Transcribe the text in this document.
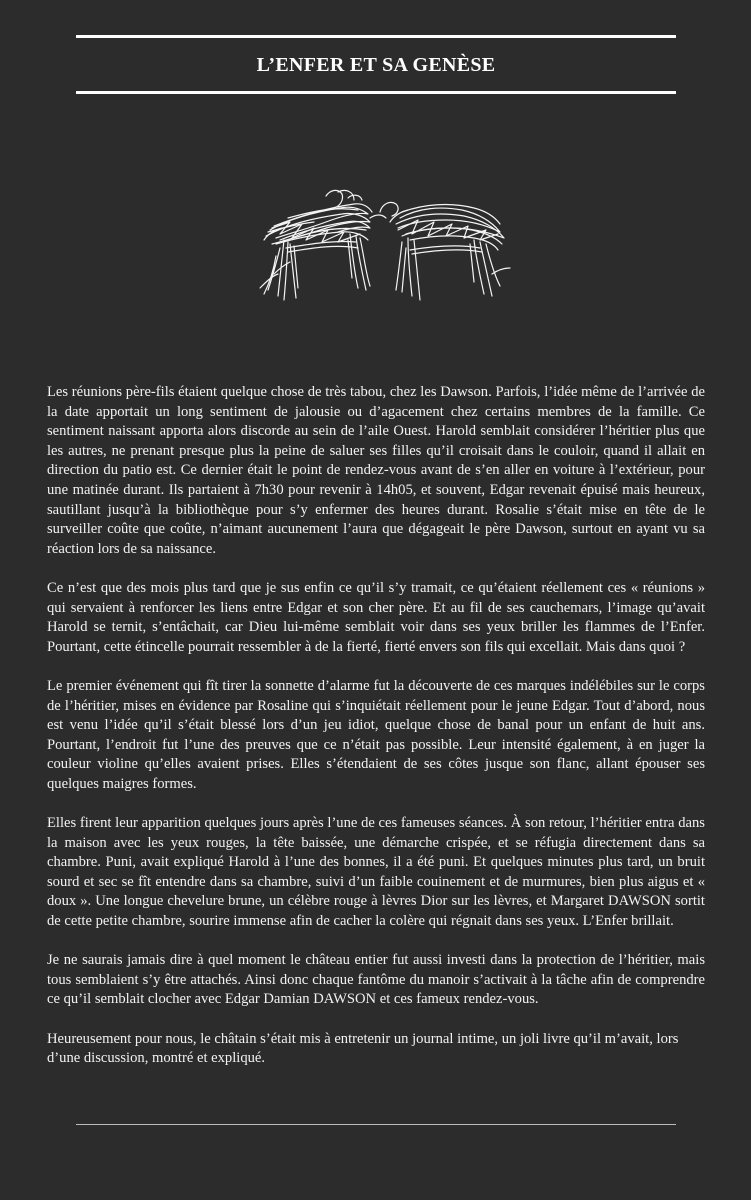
L’ENFER ET SA GENÈSE

Les réunions père-fils étaient quelque chose de très tabou, chez les Dawson. Parfois, l’idée même de l’arrivée de la date apportait un long sentiment de jalousie ou d’agacement chez certains membres de la famille. Ce sentiment naissant apporta alors discorde au sein de l’aile Ouest. Harold semblait considérer l’héritier plus que les autres, ne prenant presque plus la peine de saluer ses filles qu’il croisait dans le couloir, quand il allait en direction du patio est. Ce dernier était le point de rendez-vous avant de s’en aller en voiture à l’extérieur, pour une matinée durant. Ils partaient à 7h30 pour revenir à 14h05, et souvent, Edgar revenait épuisé mais heureux, sautillant jusqu’à la bibliothèque pour s’y enfermer des heures durant. Rosalie s’était mise en tête de le surveiller coûte que coûte, n’aimant aucunement l’aura que dégageait le père Dawson, surtout en ayant vu sa réaction lors de sa naissance.

Ce n’est que des mois plus tard que je sus enfin ce qu’il s’y tramait, ce qu’étaient réellement ces « réunions » qui servaient à renforcer les liens entre Edgar et son cher père. Et au fil de ses cauchemars, l’image qu’avait Harold se ternit, s’entâchait, car Dieu lui-même semblait voir dans ses yeux briller les flammes de l’Enfer. Pourtant, cette étincelle pourrait ressembler à de la fierté, fierté envers son fils qui excellait. Mais dans quoi ?

Le premier événement qui fît tirer la sonnette d’alarme fut la découverte de ces marques indélébiles sur le corps de l’héritier, mises en évidence par Rosaline qui s’inquiétait réellement pour le jeune Edgar. Tout d’abord, nous est venu l’idée qu’il s’était blessé lors d’un jeu idiot, quelque chose de banal pour un enfant de huit ans. Pourtant, l’endroit fut l’une des preuves que ce n’était pas possible. Leur intensité également, à en juger la couleur violine qu’elles avaient prises. Elles s’étendaient de ses côtes jusque son flanc, allant épouser ses quelques maigres formes.

Elles firent leur apparition quelques jours après l’une de ces fameuses séances. À son retour, l’héritier entra dans la maison avec les yeux rouges, la tête baissée, une démarche crispée, et se réfugia directement dans sa chambre. Puni, avait expliqué Harold à l’une des bonnes, il a été puni. Et quelques minutes plus tard, un bruit sourd et sec se fît entendre dans sa chambre, suivi d’un faible couinement et de murmures, bien plus aigus et « doux ». Une longue chevelure brune, un célèbre rouge à lèvres Dior sur les lèvres, et Margaret DAWSON sortit de cette petite chambre, sourire immense afin de cacher la colère qui régnait dans ses yeux. L’Enfer brillait.

Je ne saurais jamais dire à quel moment le château entier fut aussi investi dans la protection de l’héritier, mais tous semblaient s’y être attachés. Ainsi donc chaque fantôme du manoir s’activait à la tâche afin de comprendre ce qu’il semblait clocher avec Edgar Damian DAWSON et ces fameux rendez-vous.

Heureusement pour nous, le châtain s’était mis à entretenir un journal intime, un joli livre qu’il m’avait, lors d’une discussion, montré et expliqué.
